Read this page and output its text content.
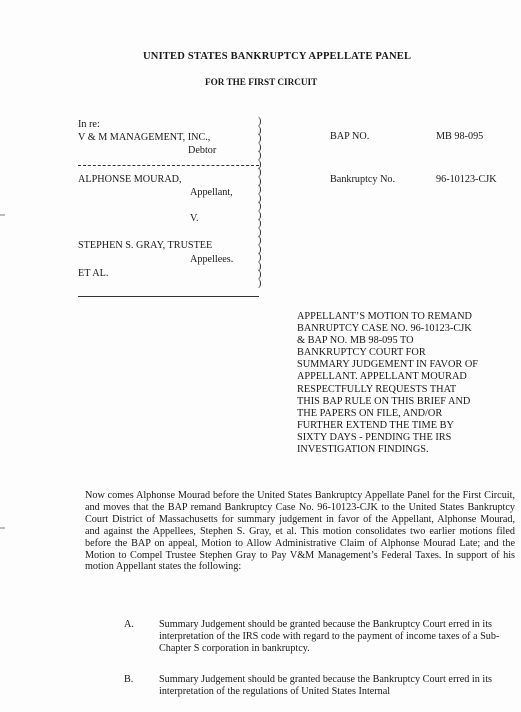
UNITED STATES BANKRUPTCY APPELLATE PANEL
FOR THE FIRST CIRCUIT
In re:
V & M MANAGEMENT, INC.,
Debtor
ALPHONSE MOURAD,
Appellant,
V.
STEPHEN S. GRAY, TRUSTEE
Appellees.
ET AL.
)
)
)
)
)
)
)
)
)
)
)
)
)
)
)
)
)
)
)
)
BAP NO.	MB 98-095
Bankruptcy No.	96-10123-CJK
APPELLANT’S MOTION TO REMAND
BANRUPTCY CASE NO. 96-10123-CJK
& BAP NO. MB 98-095 TO
BANKRUPTCY COURT FOR
SUMMARY JUDGEMENT IN FAVOR OF
APPELLANT. APPELLANT MOURAD
RESPECTFULLY REQUESTS THAT
THIS BAP RULE ON THIS BRIEF AND
THE PAPERS ON FILE, AND/OR
FURTHER EXTEND THE TIME BY
SIXTY DAYS - PENDING THE IRS
INVESTIGATION FINDINGS.
Now comes Alphonse Mourad before the United States Bankruptcy Appellate Panel for the First Circuit, and moves that the BAP remand Bankruptcy Case No. 96-10123-CJK to the United States Bankruptcy Court District of Massachusetts for summary judgement in favor of the Appellant, Alphonse Mourad, and against the Appellees, Stephen S. Gray, et al. This motion consolidates two earlier motions filed before the BAP on appeal, Motion to Allow Administrative Claim of Alphonse Mourad Late; and the Motion to Compel Trustee Stephen Gray to Pay V&M Management’s Federal Taxes. In support of his motion Appellant states the following:
A. Summary Judgement should be granted because the Bankruptcy Court erred in its interpretation of the IRS code with regard to the payment of income taxes of a Sub-Chapter S corporation in bankruptcy.
B.	Summary Judgement should be granted because the Bankruptcy Court erred in its interpretation of the regulations of United States Internal
